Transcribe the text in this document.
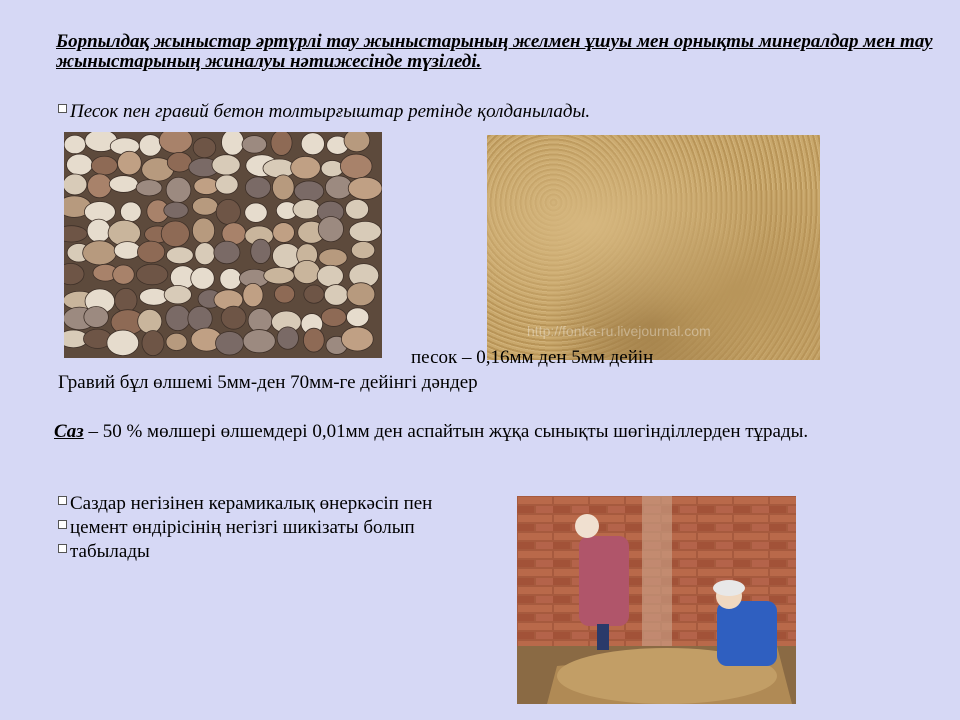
Борпылдақ жыныстар әртүрлі тау жыныстарының желмен ұшуы мен орнықты минералдар мен тау жыныстарының жиналуы нәтижесінде түзіледі.
Песок пен гравий бетон толтырғыштар ретінде қолданылады.
http://fonka-ru.livejournal.com
песок – 0,16мм ден 5мм дейін
Гравий бұл өлшемі 5мм-ден 70мм-ге дейінгі дәндер
Саз – 50 % мөлшері өлшемдері 0,01мм ден аспайтын жұқа сынықты шөгінділлерден тұрады.
Саздар негізінен керамикалық өнеркәсіп пен
цемент өндірісінің негізгі шикізаты болып
табылады
